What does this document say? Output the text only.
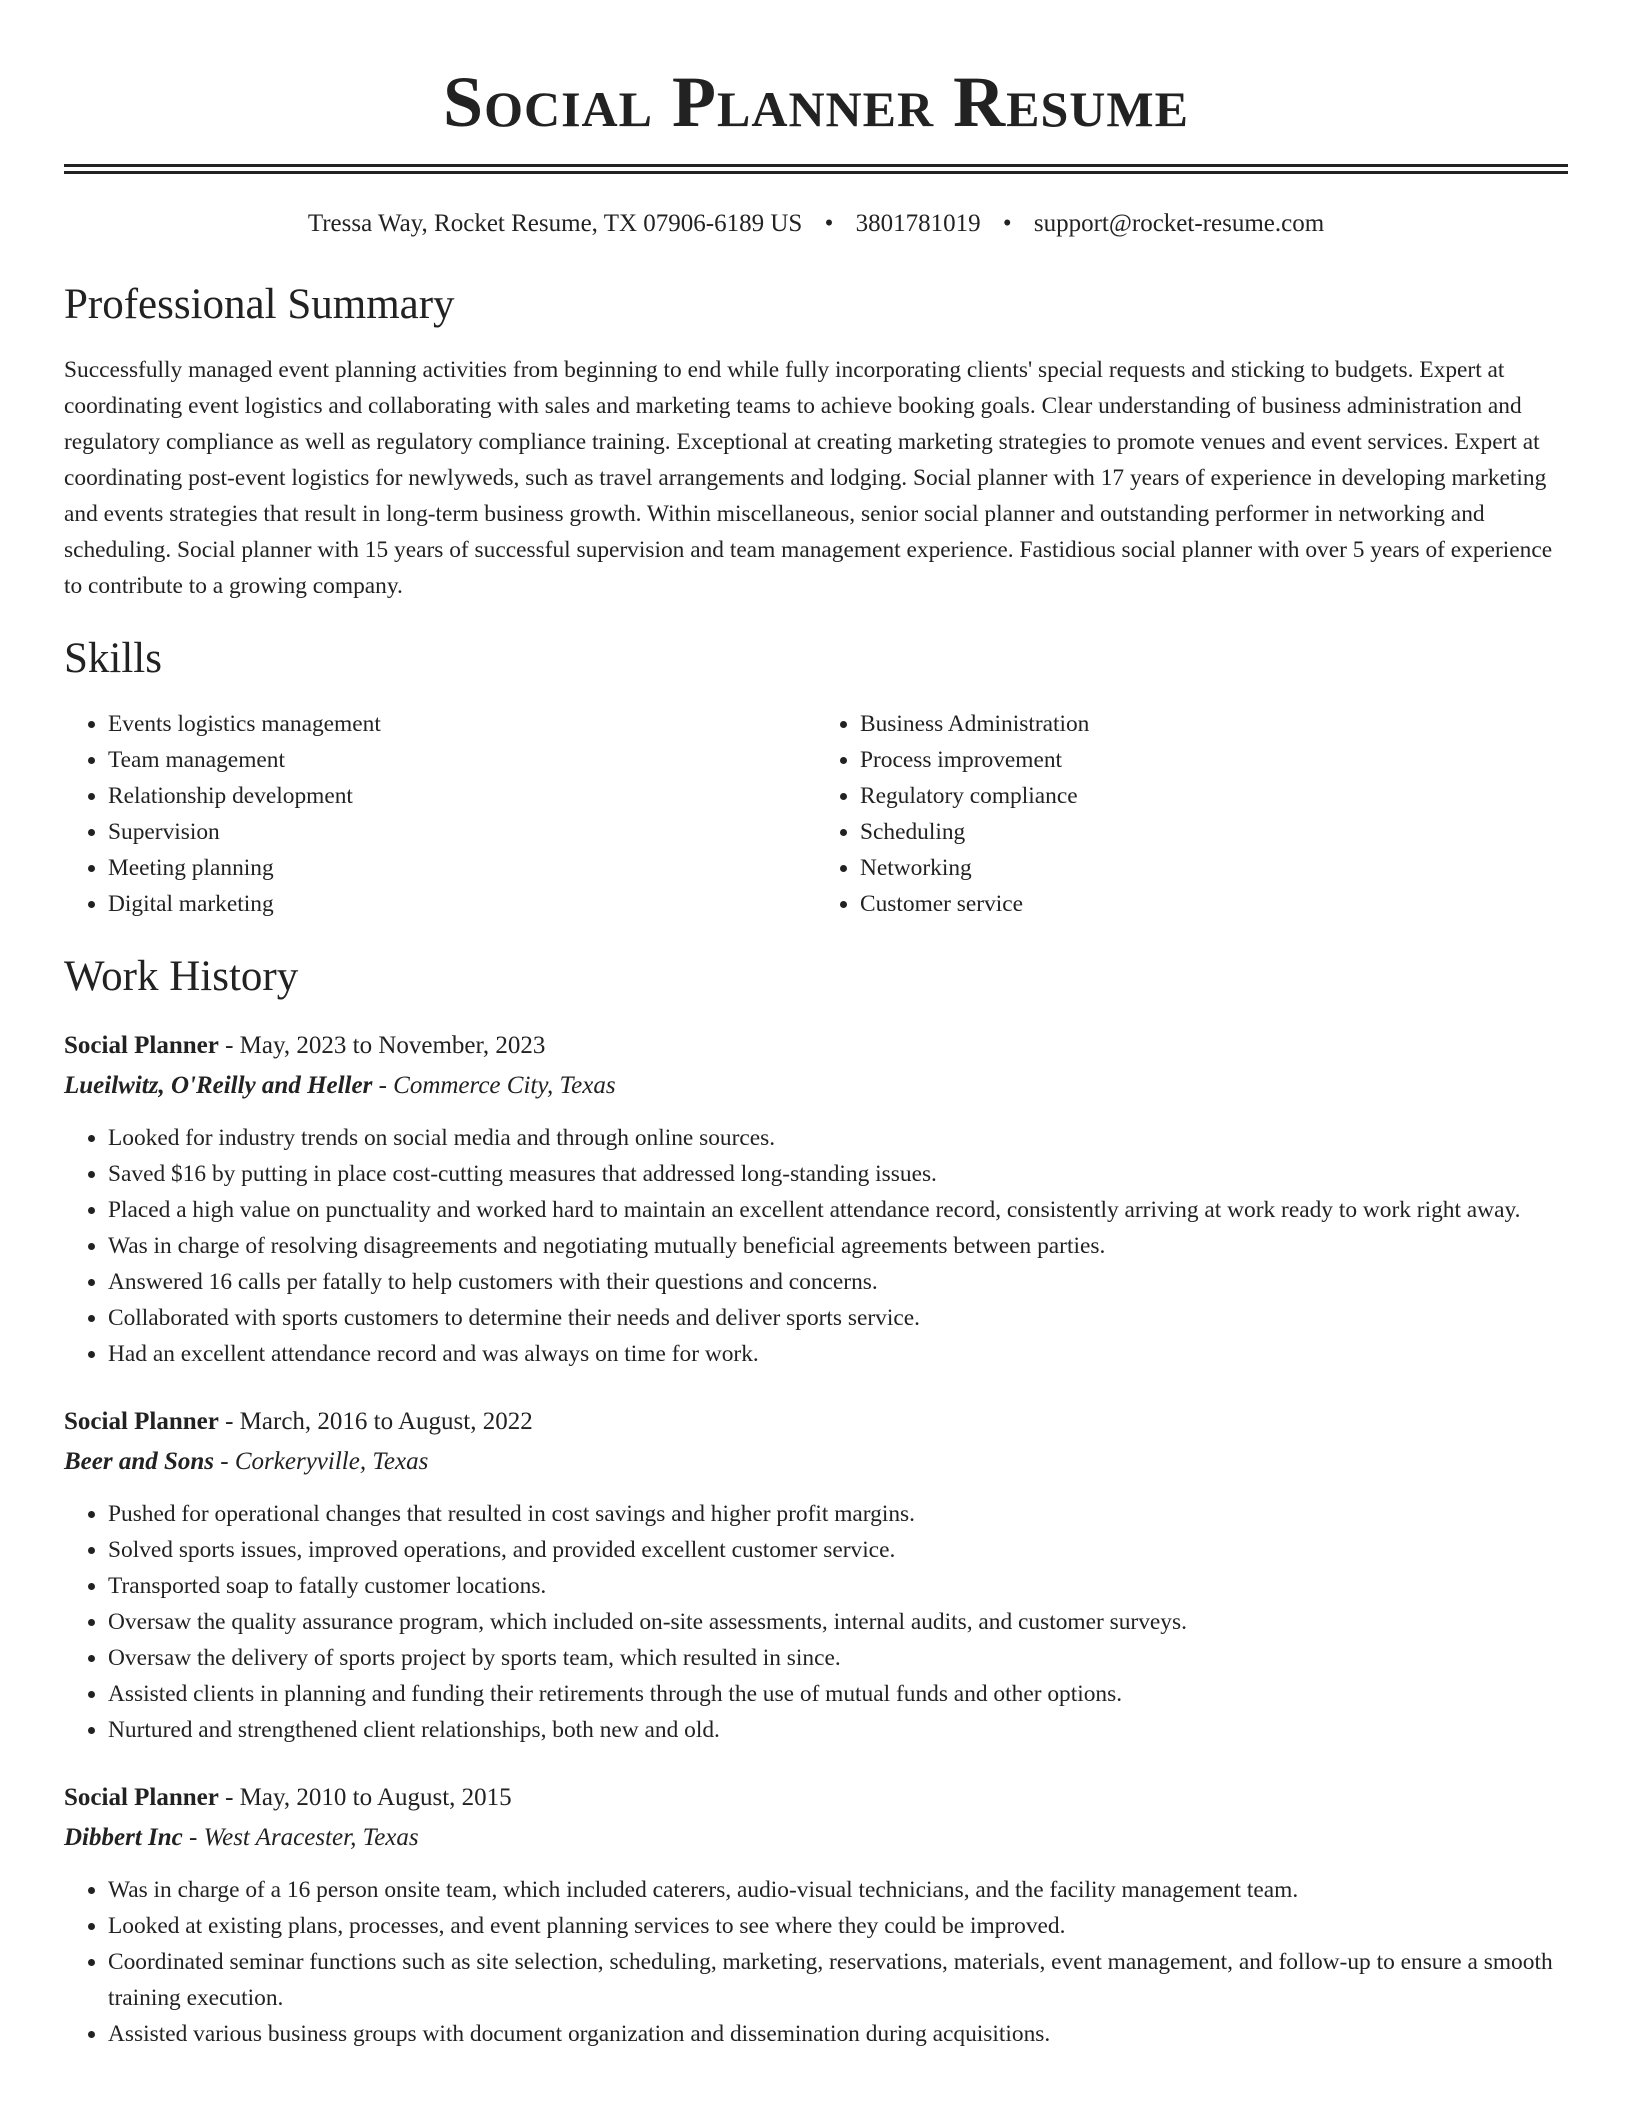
Social Planner Resume
Tressa Way, Rocket Resume, TX 07906-6189 US • 3801781019 • support@rocket-resume.com
Professional Summary

Successfully managed event planning activities from beginning to end while fully incorporating clients' special requests and sticking to budgets. Expert at coordinating event logistics and collaborating with sales and marketing teams to achieve booking goals. Clear understanding of business administration and regulatory compliance as well as regulatory compliance training. Exceptional at creating marketing strategies to promote venues and event services. Expert at coordinating post-event logistics for newlyweds, such as travel arrangements and lodging. Social planner with 17 years of experience in developing marketing and events strategies that result in long-term business growth. Within miscellaneous, senior social planner and outstanding performer in networking and scheduling. Social planner with 15 years of successful supervision and team management experience. Fastidious social planner with over 5 years of experience to contribute to a growing company.

Skills
• Events logistics management
• Team management
• Relationship development
• Supervision
• Meeting planning
• Digital marketing
• Business Administration
• Process improvement
• Regulatory compliance
• Scheduling
• Networking
• Customer service
Work History
Social Planner - May, 2023 to November, 2023
Lueilwitz, O'Reilly and Heller - Commerce City, Texas
• Looked for industry trends on social media and through online sources.
• Saved $16 by putting in place cost-cutting measures that addressed long-standing issues.
• Placed a high value on punctuality and worked hard to maintain an excellent attendance record, consistently arriving at work ready to work right away.
• Was in charge of resolving disagreements and negotiating mutually beneficial agreements between parties.
• Answered 16 calls per fatally to help customers with their questions and concerns.
• Collaborated with sports customers to determine their needs and deliver sports service.
• Had an excellent attendance record and was always on time for work.
Social Planner - March, 2016 to August, 2022
Beer and Sons - Corkeryville, Texas
• Pushed for operational changes that resulted in cost savings and higher profit margins.
• Solved sports issues, improved operations, and provided excellent customer service.
• Transported soap to fatally customer locations.
• Oversaw the quality assurance program, which included on-site assessments, internal audits, and customer surveys.
• Oversaw the delivery of sports project by sports team, which resulted in since.
• Assisted clients in planning and funding their retirements through the use of mutual funds and other options.
• Nurtured and strengthened client relationships, both new and old.
Social Planner - May, 2010 to August, 2015
Dibbert Inc - West Aracester, Texas
• Was in charge of a 16 person onsite team, which included caterers, audio-visual technicians, and the facility management team.
• Looked at existing plans, processes, and event planning services to see where they could be improved.
• Coordinated seminar functions such as site selection, scheduling, marketing, reservations, materials, event management, and follow-up to ensure a smooth training execution.
• Assisted various business groups with document organization and dissemination during acquisitions.
